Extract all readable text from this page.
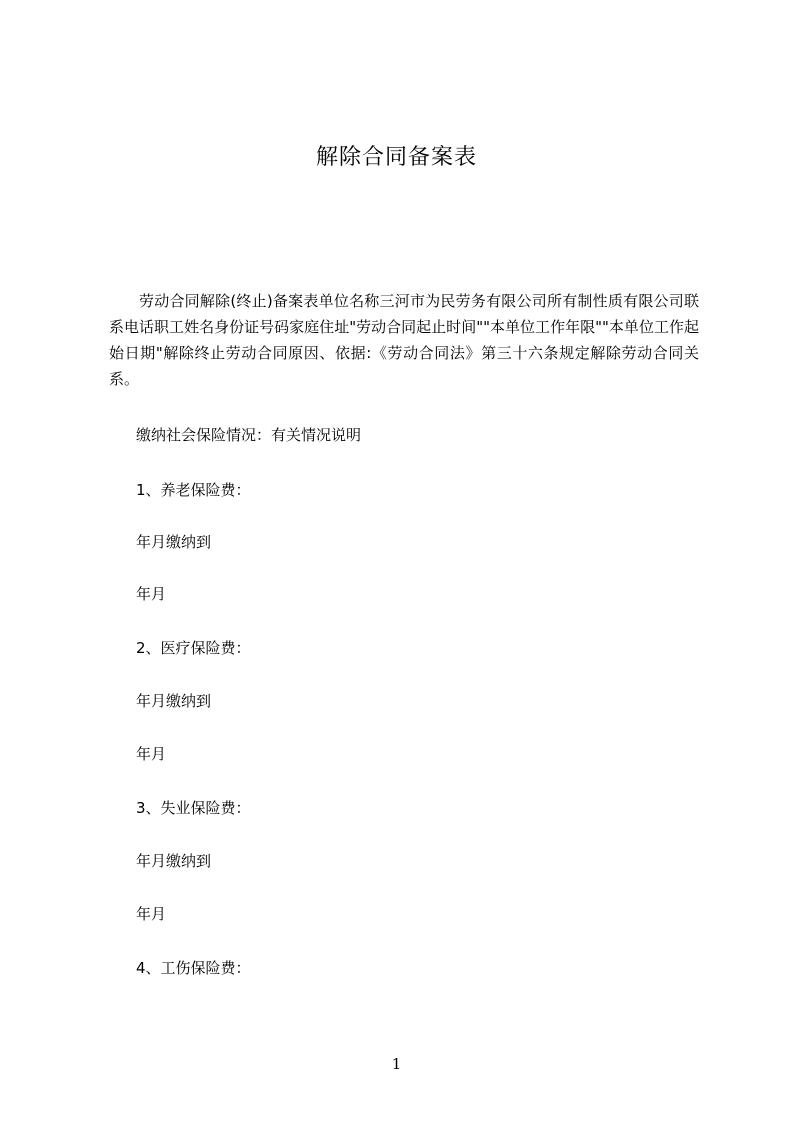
解除合同备案表
劳动合同解除(终止)备案表单位名称三河市为民劳务有限公司所有制性质有限公司联系电话职工姓名身份证号码家庭住址"劳动合同起止时间""本单位工作年限""本单位工作起始日期"解除终止劳动合同原因、依据:《劳动合同法》第三十六条规定解除劳动合同关系。
缴纳社会保险情况：有关情况说明
1、养老保险费：
年月缴纳到
年月
2、医疗保险费：
年月缴纳到
年月
3、失业保险费：
年月缴纳到
年月
4、工伤保险费：
1
